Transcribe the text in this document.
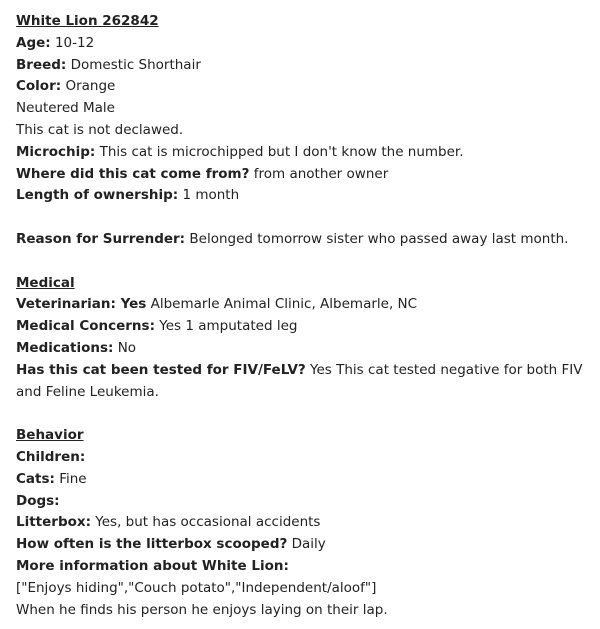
White Lion 262842
Age: 10-12
Breed: Domestic Shorthair
Color: Orange
Neutered Male
This cat is not declawed.
Microchip: This cat is microchipped but I don't know the number.
Where did this cat come from? from another owner
Length of ownership: 1 month
Reason for Surrender: Belonged tomorrow sister who passed away last month.
Medical
Veterinarian: Yes Albemarle Animal Clinic, Albemarle, NC
Medical Concerns: Yes 1 amputated leg
Medications: No
Has this cat been tested for FIV/FeLV? Yes This cat tested negative for both FIV and Feline Leukemia.
Behavior
Children:
Cats: Fine
Dogs:
Litterbox: Yes, but has occasional accidents
How often is the litterbox scooped? Daily
More information about White Lion:
["Enjoys hiding","Couch potato","Independent/aloof"]
When he finds his person he enjoys laying on their lap.
